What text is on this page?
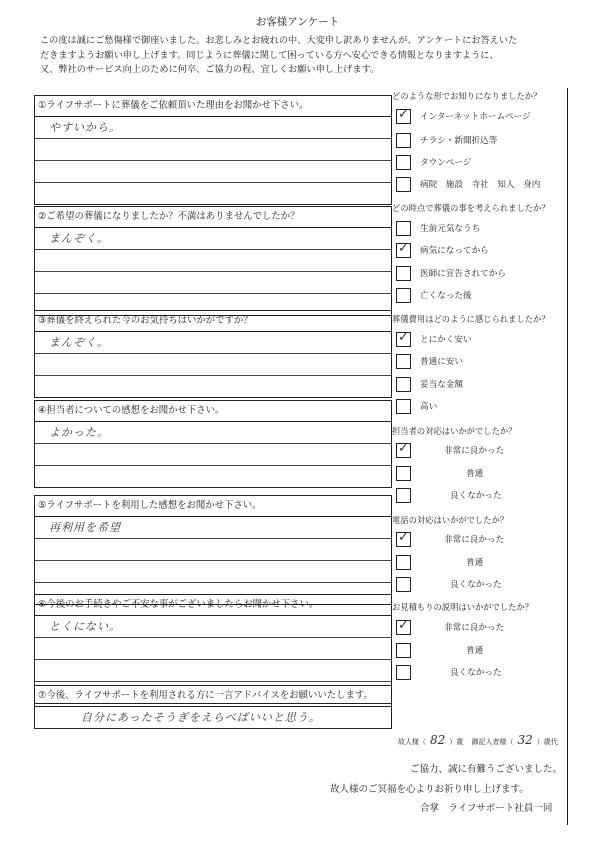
お客様アンケート
この度は誠にご愁傷様で御座いました。お悲しみとお疲れの中、大変申し訳ありませんが、アンケートにお答えいた
だきますようお願い申し上げます。同じように葬儀に関して困っている方へ安心できる情報となりますように、
又、弊社のサービス向上のために何卒、ご協力の程、宜しくお願い申し上げます。
①ライフサポートに葬儀をご依頼頂いた理由をお聞かせ下さい。
やすいから。
②ご希望の葬儀になりましたか？不満はありませんでしたか？
まんぞく。
③葬儀を終えられた今のお気持ちはいかがですか？
まんぞく。
④担当者についての感想をお聞かせ下さい。
よかった。
⑤ライフサポートを利用した感想をお聞かせ下さい。
再利用を希望
⑥今後のお手続きやご不安な事がございましたらお聞かせ下さい。
とくにない。
⑦今後、ライフサポートを利用される方に一言アドバイスをお願いいたします。
自分にあったそうぎをえらべばいいと思う。
どのような形でお知りになりましたか？
✓ インターネットホームページ
チラシ・新聞折込等
タウンページ
病院　施設　寺社　知人　身内
どの時点で葬儀の事を考えられましたか？
生前元気なうち
✓ 病気になってから
医師に宣告されてから
亡くなった後
葬儀費用はどのように感じられましたか？
✓ とにかく安い
普通に安い
妥当な金額
高い
担当者の対応はいかがでしたか？
✓	非常に良かった
普通
良くなかった
電話の対応はいかがでしたか？
✓	非常に良かった
普通
良くなかった
お見積もりの説明はいかがでしたか？
✓	非常に良かった
普通
良くなかった
故人様（ 82 ）歳 御記入者様（ 32 ）歳代
ご協力、誠に有難うございました。
故人様のご冥福を心よりお祈り申し上げます。
合掌　ライフサポート社員一同
